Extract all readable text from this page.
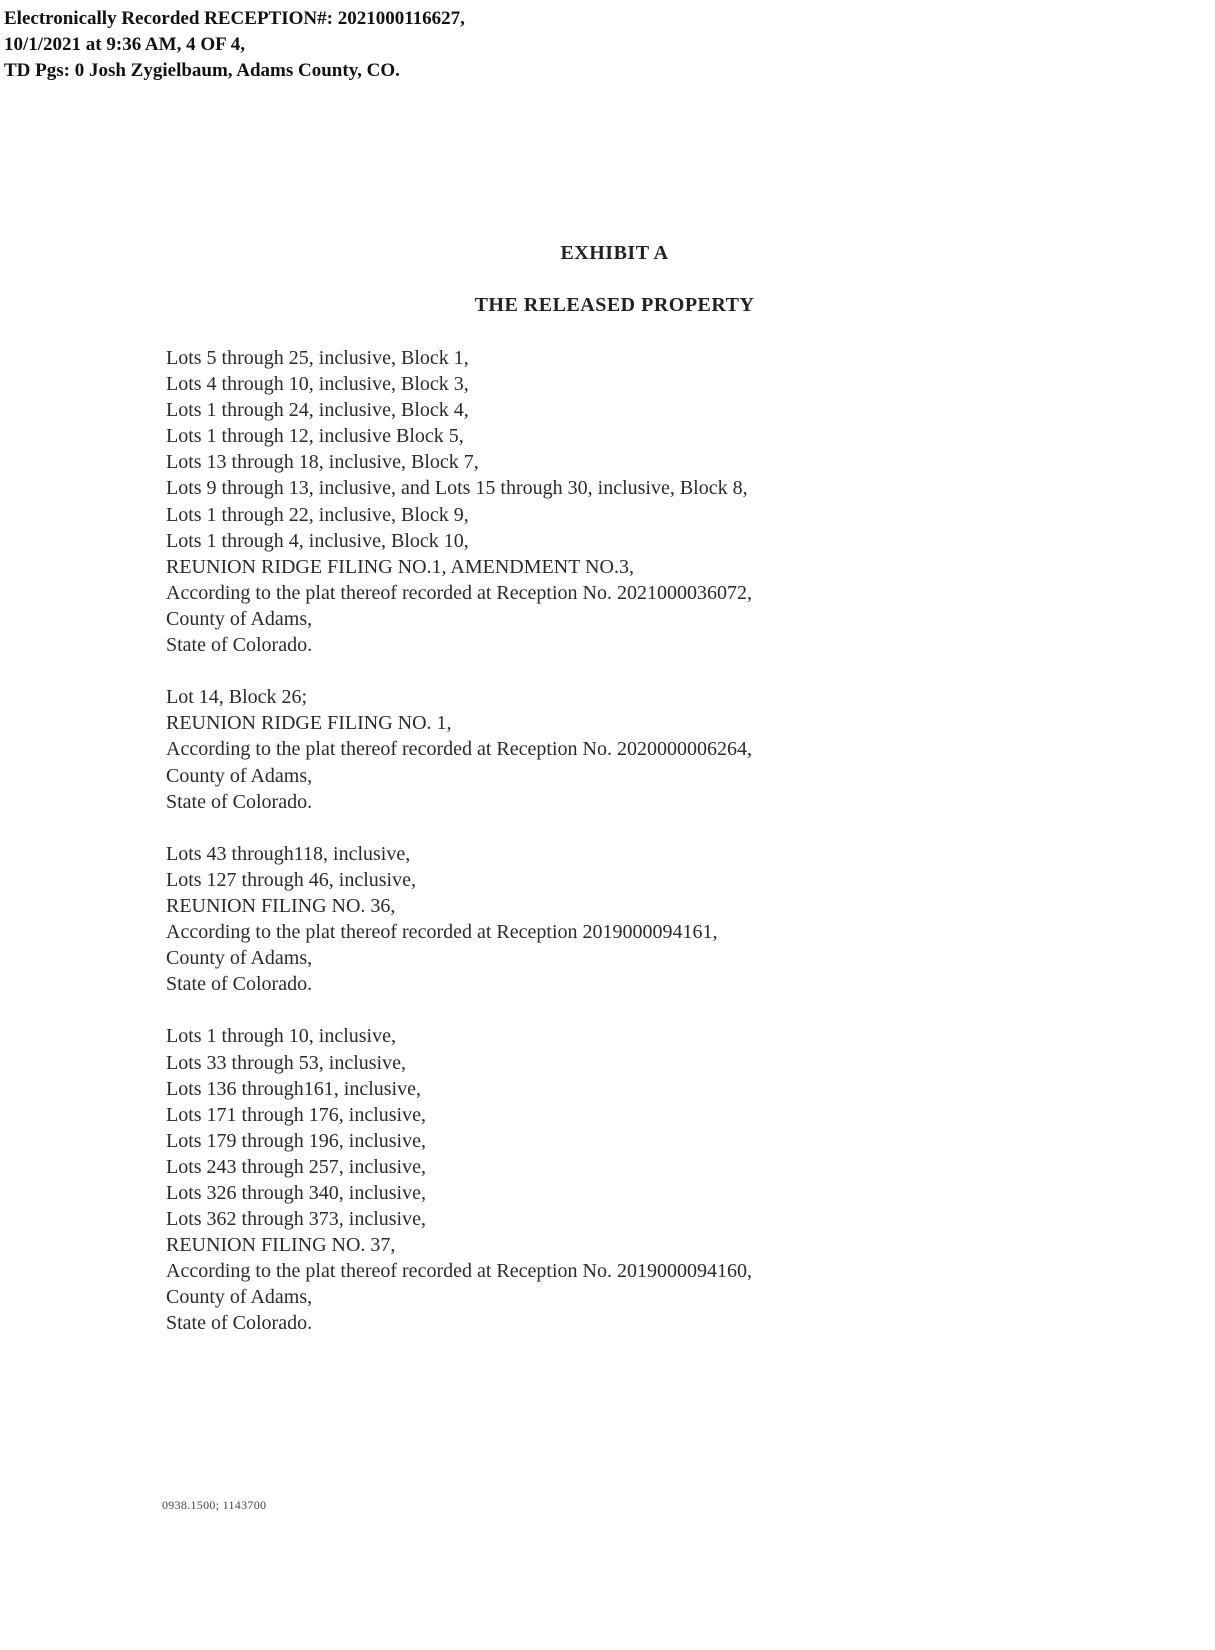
Electronically Recorded RECEPTION#: 2021000116627,
10/1/2021 at 9:36 AM, 4 OF 4,
TD Pgs: 0 Josh Zygielbaum, Adams County, CO.
EXHIBIT A
THE RELEASED PROPERTY
Lots 5 through 25, inclusive, Block 1,
Lots 4 through 10, inclusive, Block 3,
Lots 1 through 24, inclusive, Block 4,
Lots 1 through 12, inclusive Block 5,
Lots 13 through 18, inclusive, Block 7,
Lots 9 through 13, inclusive, and Lots 15 through 30, inclusive, Block 8,
Lots 1 through 22, inclusive, Block 9,
Lots 1 through 4, inclusive, Block 10,
REUNION RIDGE FILING NO.1, AMENDMENT NO.3,
According to the plat thereof recorded at Reception No. 2021000036072,
County of Adams,
State of Colorado.
Lot 14, Block 26;
REUNION RIDGE FILING NO. 1,
According to the plat thereof recorded at Reception No. 2020000006264,
County of Adams,
State of Colorado.
Lots 43 through118, inclusive,
Lots 127 through 46, inclusive,
REUNION FILING NO. 36,
According to the plat thereof recorded at Reception 2019000094161,
County of Adams,
State of Colorado.
Lots 1 through 10, inclusive,
Lots 33 through 53, inclusive,
Lots 136 through161, inclusive,
Lots 171 through 176, inclusive,
Lots 179 through 196, inclusive,
Lots 243 through 257, inclusive,
Lots 326 through 340, inclusive,
Lots 362 through 373, inclusive,
REUNION FILING NO. 37,
According to the plat thereof recorded at Reception No. 2019000094160,
County of Adams,
State of Colorado.
0938.1500; 1143700
